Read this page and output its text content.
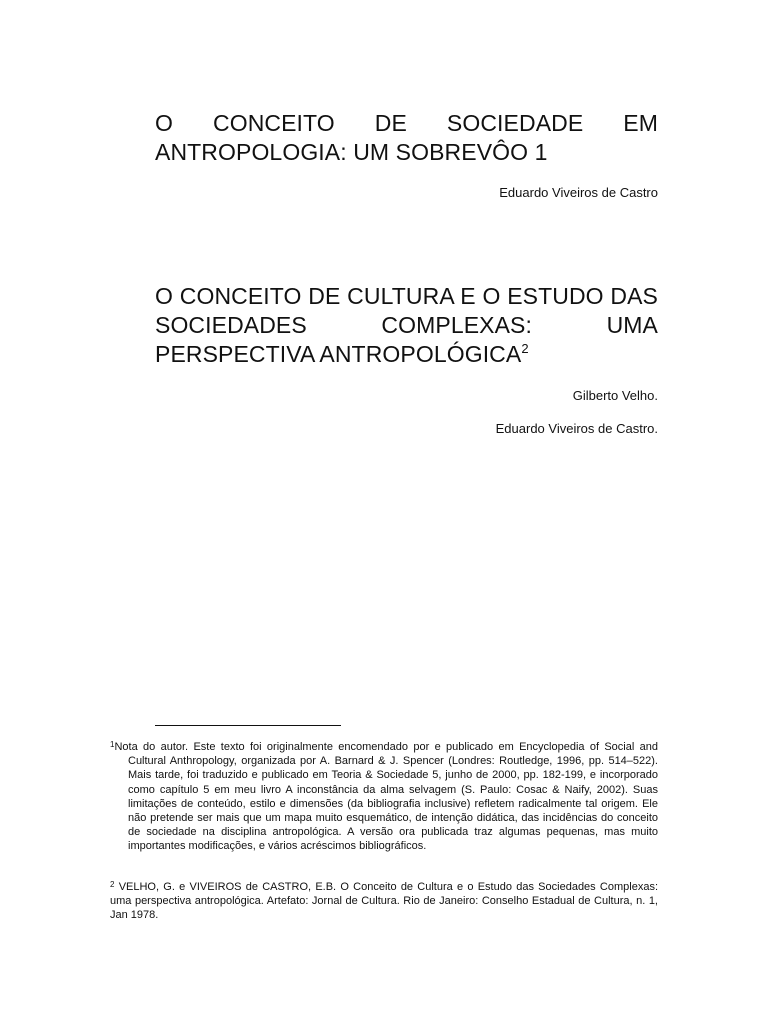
O CONCEITO DE SOCIEDADE EM ANTROPOLOGIA: UM SOBREVÔO 1

Eduardo Viveiros de Castro

O CONCEITO DE CULTURA E O ESTUDO DAS SOCIEDADES COMPLEXAS: UMA PERSPECTIVA ANTROPOLÓGICA$^2$

Gilberto Velho.

Eduardo Viveiros de Castro.

$^1$Nota do autor. Este texto foi originalmente encomendado por e publicado em Encyclopedia of Social and Cultural Anthropology, organizada por A. Barnard & J. Spencer (Londres: Routledge, 1996, pp. 514–522). Mais tarde, foi traduzido e publicado em Teoria & Sociedade 5, junho de 2000, pp. 182-199, e incorporado como capítulo 5 em meu livro A inconstância da alma selvagem (S. Paulo: Cosac & Naify, 2002). Suas limitações de conteúdo, estilo e dimensões (da bibliografia inclusive) refletem radicalmente tal origem. Ele não pretende ser mais que um mapa muito esquemático, de intenção didática, das incidências do conceito de sociedade na disciplina antropológica. A versão ora publicada traz algumas pequenas, mas muito importantes modificações, e vários acréscimos bibliográficos.

$^2$ VELHO, G. e VIVEIROS de CASTRO, E.B. O Conceito de Cultura e o Estudo das Sociedades Complexas: uma perspectiva antropológica. Artefato: Jornal de Cultura. Rio de Janeiro: Conselho Estadual de Cultura, n. 1, Jan 1978.
